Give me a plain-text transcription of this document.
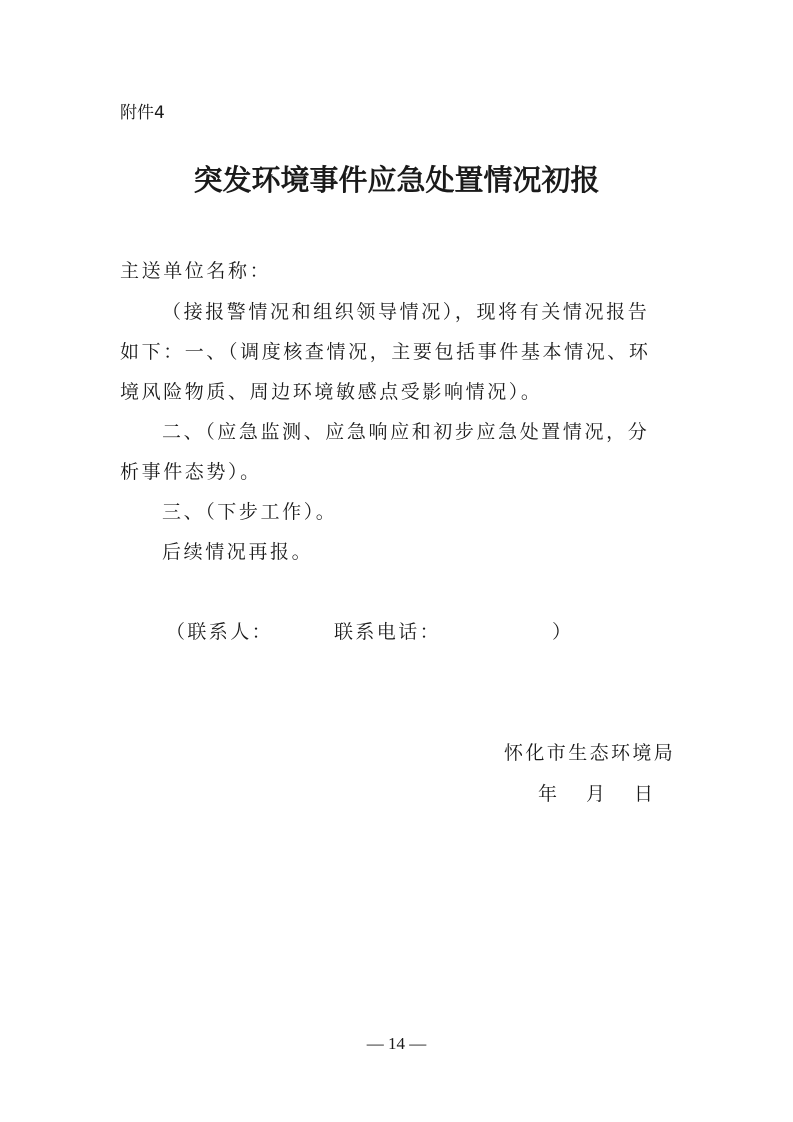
附件4
突发环境事件应急处置情况初报
主送单位名称：
（接报警情况和组织领导情况），现将有关情况报告
如下：一、（调度核查情况，主要包括事件基本情况、环
境风险物质、周边环境敏感点受影响情况）。
二、（应急监测、应急响应和初步应急处置情况，分
析事件态势）。
三、（下步工作）。
后续情况再报。
（联系人：	联系电话：	）
怀化市生态环境局
年 月 日
— 14 —
